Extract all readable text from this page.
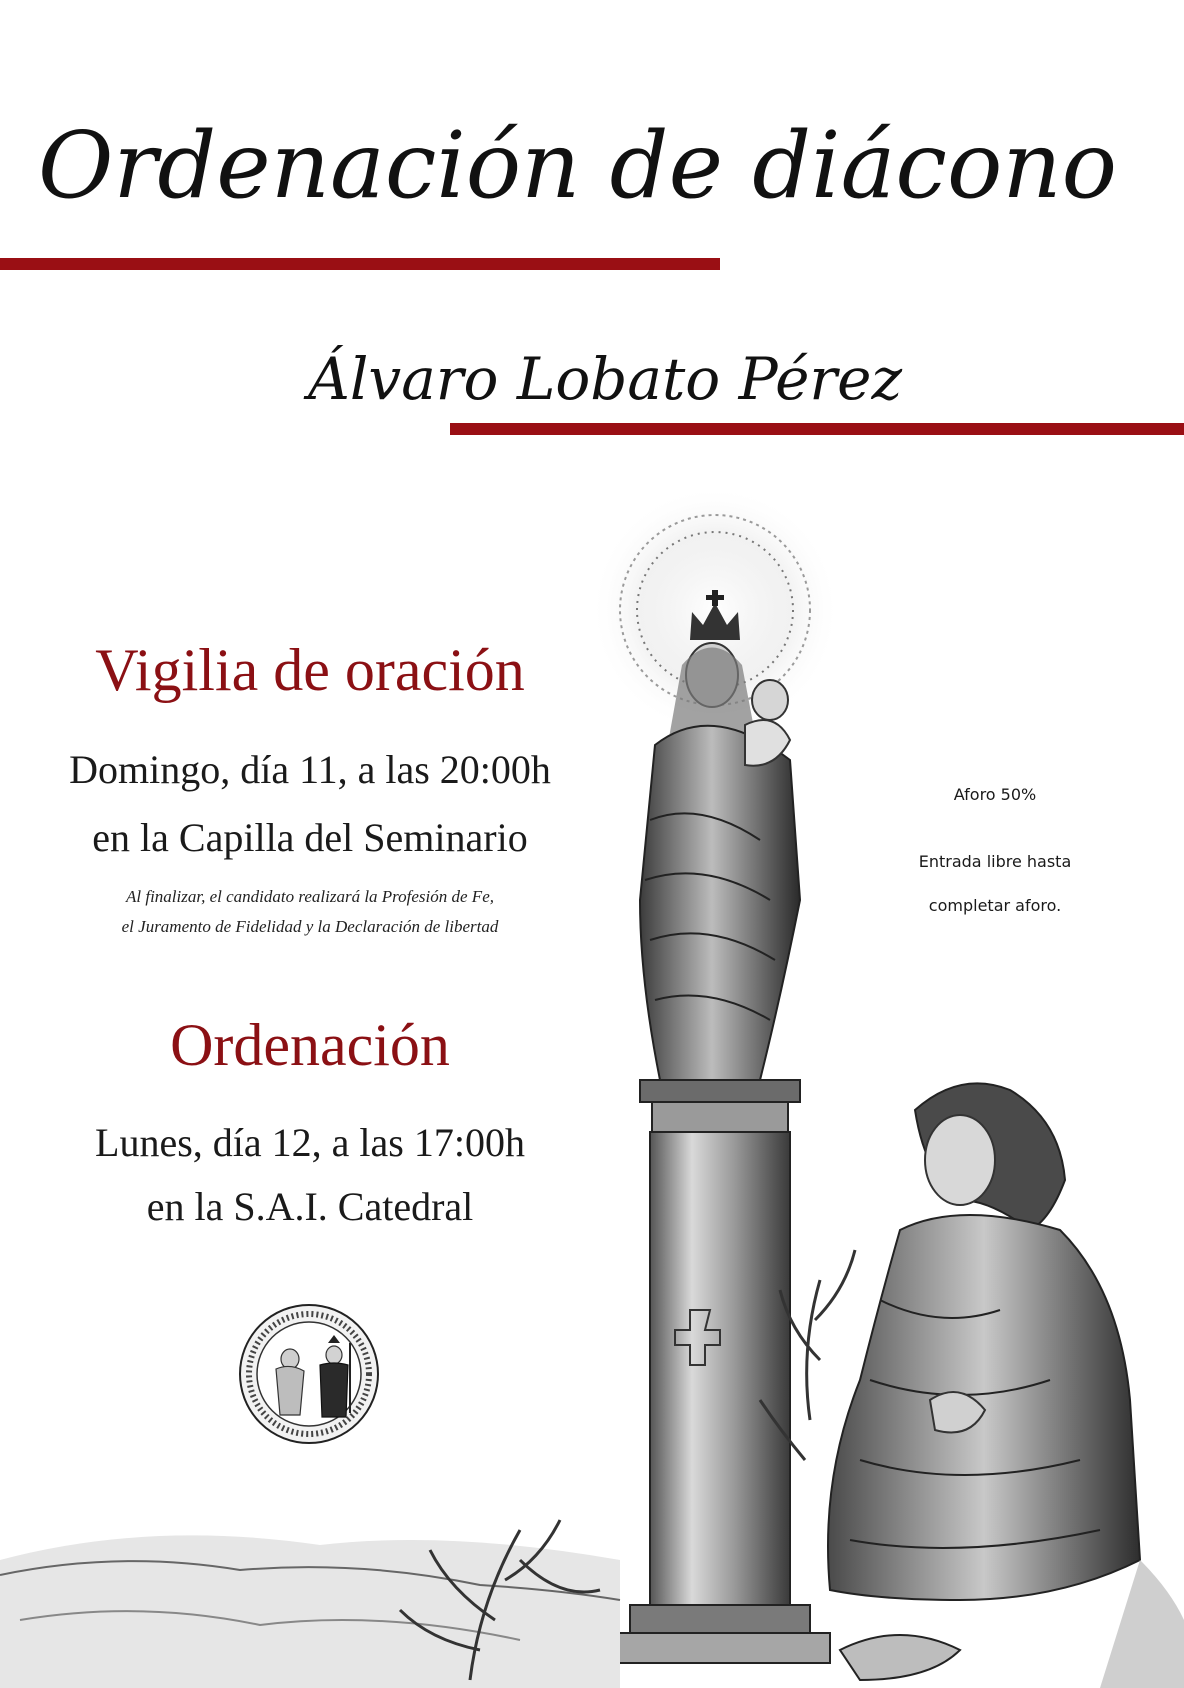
Ordenación de diácono
Álvaro Lobato Pérez
Vigilia de oración
Domingo, día 11, a las 20:00h
en la Capilla del Seminario
Al finalizar, el candidato realizará la Profesión de Fe,
el Juramento de Fidelidad y la Declaración de libertad
Ordenación
Lunes, día 12, a las 17:00h
en la S.A.I. Catedral
Aforo 50%
Entrada libre hasta
completar aforo.
